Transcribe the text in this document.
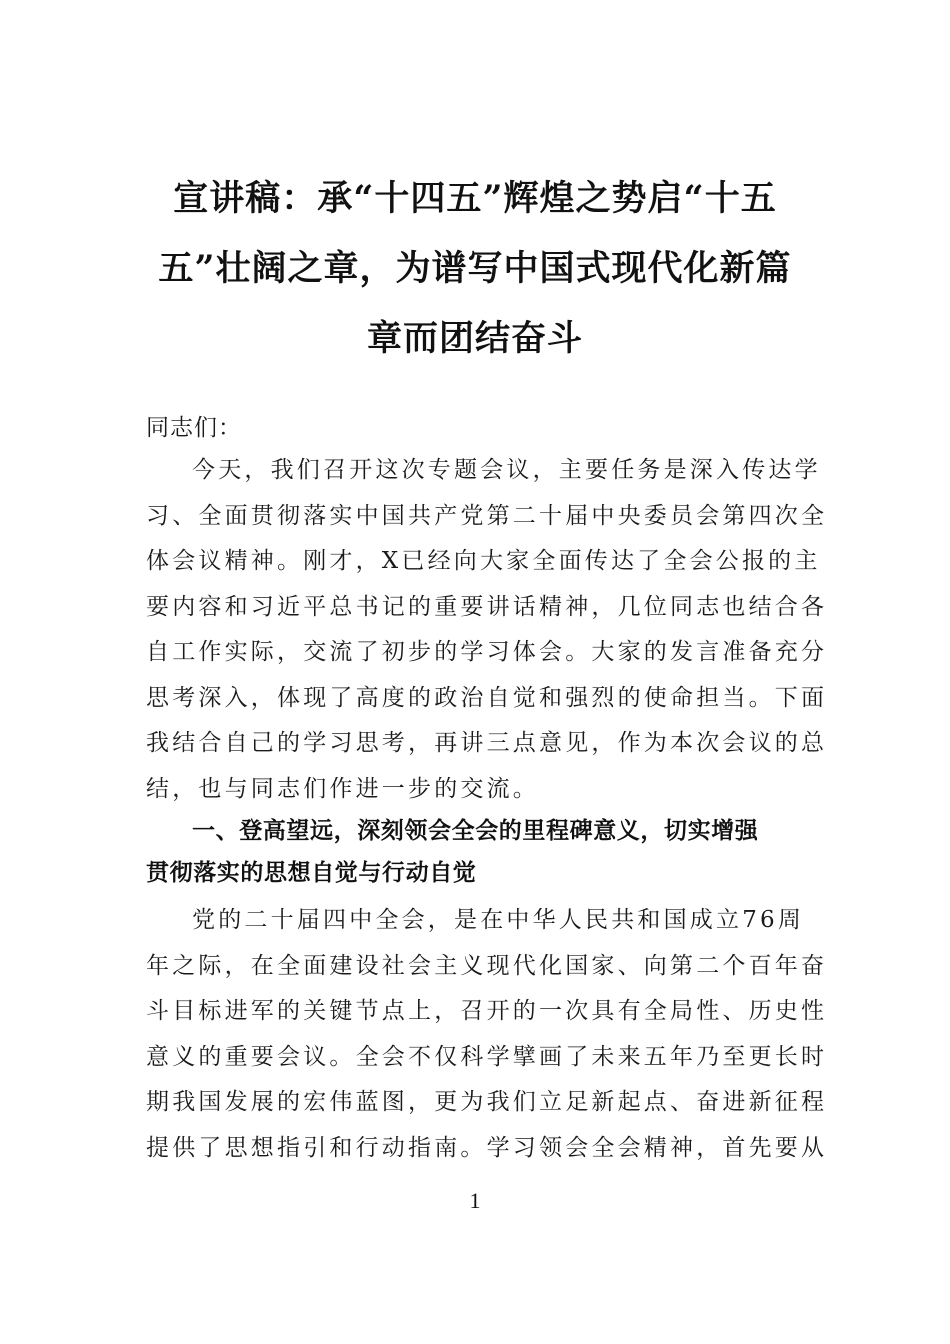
宣讲稿：承“十四五”辉煌之势启“十五
五”壮阔之章，为谱写中国式现代化新篇
章而团结奋斗
同志们：

今天，我们召开这次专题会议，主要任务是深入传达学
习、全面贯彻落实中国共产党第二十届中央委员会第四次全
体会议精神。刚才，X已经向大家全面传达了全会公报的主
要内容和习近平总书记的重要讲话精神，几位同志也结合各
自工作实际，交流了初步的学习体会。大家的发言准备充分
思考深入，体现了高度的政治自觉和强烈的使命担当。下面
我结合自己的学习思考，再讲三点意见，作为本次会议的总
结，也与同志们作进一步的交流。

一、登高望远，深刻领会全会的里程碑意义，切实增强
贯彻落实的思想自觉与行动自觉

党的二十届四中全会，是在中华人民共和国成立76周
年之际，在全面建设社会主义现代化国家、向第二个百年奋
斗目标进军的关键节点上，召开的一次具有全局性、历史性
意义的重要会议。全会不仅科学擘画了未来五年乃至更长时
期我国发展的宏伟蓝图，更为我们立足新起点、奋进新征程
提供了思想指引和行动指南。学习领会全会精神，首先要从

1
